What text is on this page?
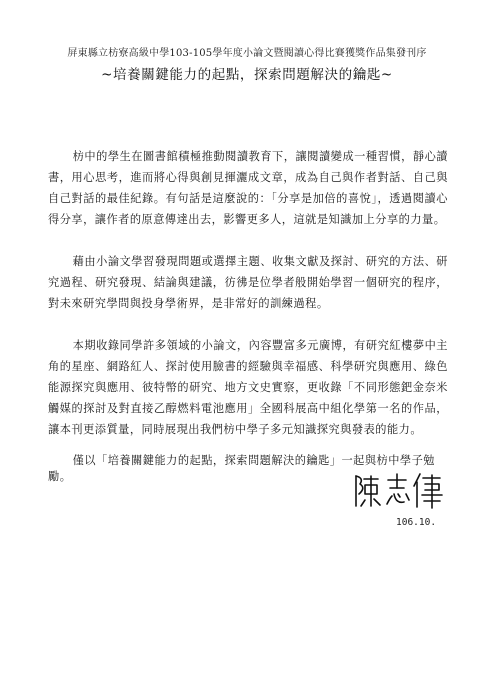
屏東縣立枋寮高級中學103-105學年度小論文暨閱讀心得比賽獲獎作品集發刊序
~培養關鍵能力的起點，探索問題解決的鑰匙~

枋中的學生在圖書館積極推動閱讀教育下，讓閱讀變成一種習慣，靜心讀書，用心思考，進而將心得與創見揮灑成文章，成為自己與作者對話、自己與自己對話的最佳紀錄。有句話是這麼說的：「分享是加倍的喜悅」，透過閱讀心得分享，讓作者的原意傳達出去，影響更多人，這就是知識加上分享的力量。

藉由小論文學習發現問題或選擇主題、收集文獻及探討、研究的方法、研究過程、研究發現、結論與建議，彷彿是位學者般開始學習一個研究的程序，對未來研究學問與投身學術界，是非常好的訓練過程。

本期收錄同學許多領域的小論文，內容豐富多元廣博，有研究紅樓夢中主角的星座、網路紅人、探討使用臉書的經驗與幸福感、科學研究與應用、綠色能源探究與應用、彼特幣的研究、地方文史實察，更收錄「不同形態鈀金奈米觸媒的探討及對直接乙醇燃料電池應用」全國科展高中組化學第一名的作品，讓本刊更添質量，同時展現出我們枋中學子多元知識探究與發表的能力。

僅以「培養關鍵能力的起點，探索問題解決的鑰匙」一起與枋中學子勉勵。
106.10.
